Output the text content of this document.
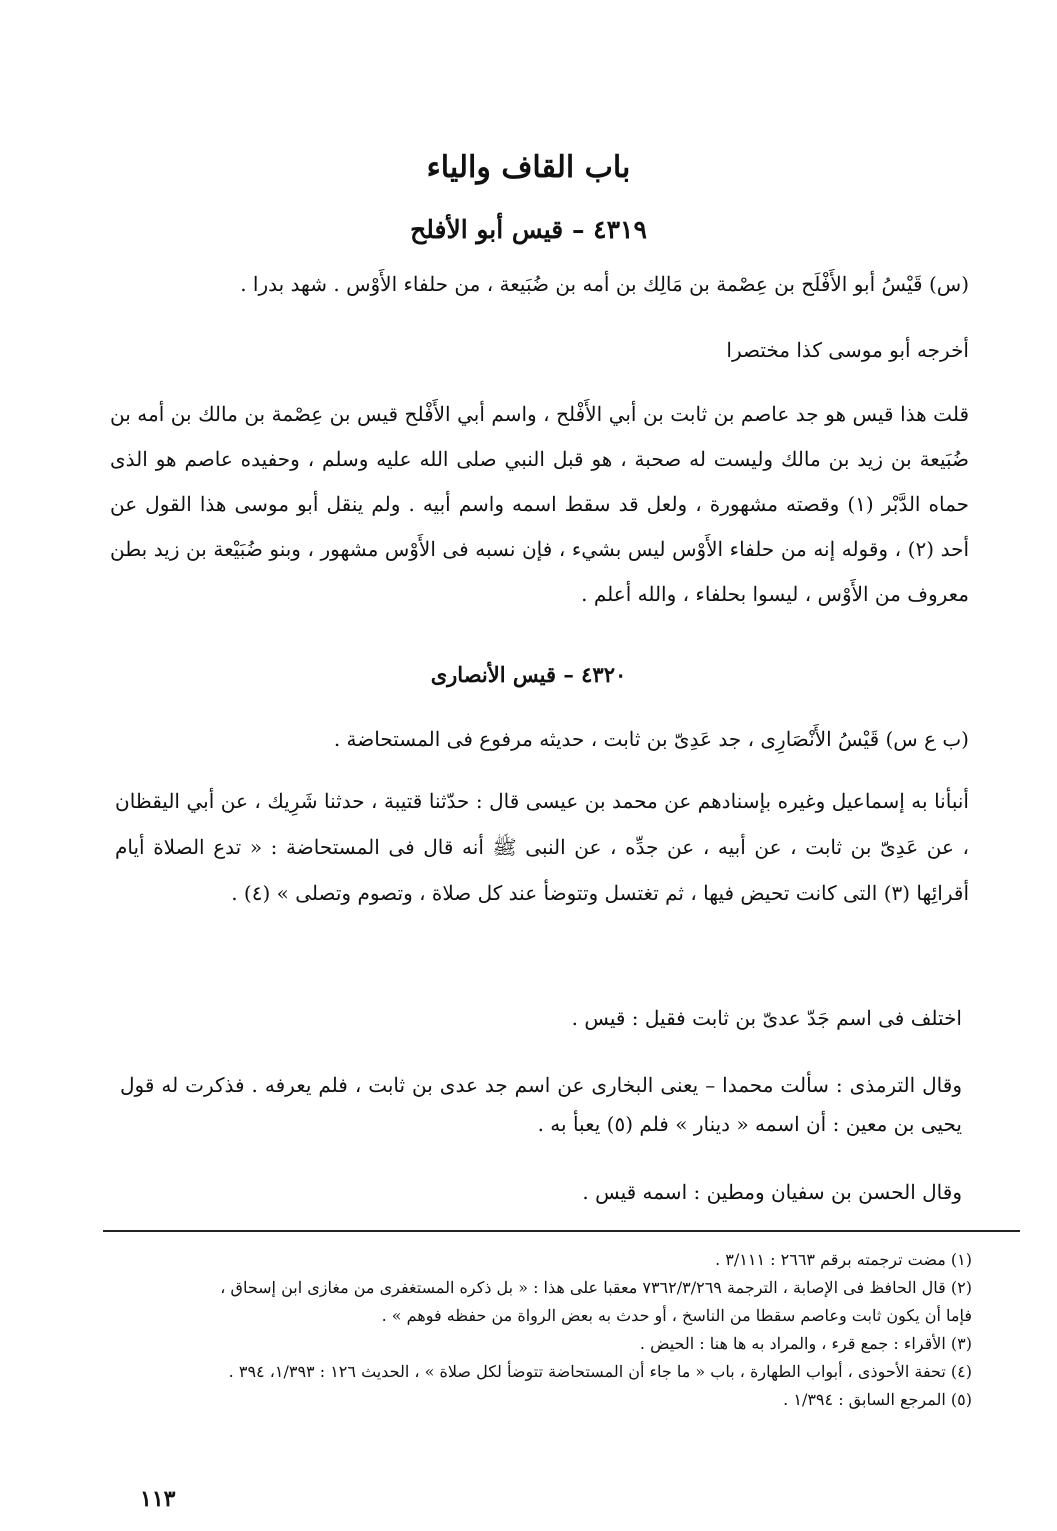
باب القاف والياء
٤٣١٩ – قيس أبو الأفلح
(س) قَيْسُ أبو الأَفْلَح بن عِصْمة بن مَالِك بن أمه بن ضُبَيعة ، من حلفاء الأَوْس . شهد بدرا .
أخرجه أبو موسى كذا مختصرا
قلت هذا قيس هو جد عاصم بن ثابت بن أبي الأَفْلح ، واسم أبي الأَفْلح قيس بن عِصْمة بن مالك بن أمه بن ضُبَيعة بن زيد بن مالك وليست له صحبة ، هو قبل النبي صلى الله عليه وسلم ، وحفيده عاصم هو الذى حماه الدَّبْر (١) وقصته مشهورة ، ولعل قد سقط اسمه واسم أبيه . ولم ينقل أبو موسى هذا القول عن أحد (٢) ، وقوله إنه من حلفاء الأَوْس ليس بشيء ، فإن نسبه فى الأَوْس مشهور ، وبنو ضُبَيْعة بن زيد بطن معروف من الأَوْس ، ليسوا بحلفاء ، والله أعلم .
٤٣٢٠ – قيس الأنصارى
(ب ع س) قَيْسُ الأَنْصَارِى ، جد عَدِىّ بن ثابت ، حديثه مرفوع فى المستحاضة .
أنبأنا به إسماعيل وغيره بإسنادهم عن محمد بن عيسى قال : حدّثنا قتيبة ، حدثنا شَرِيك ، عن أبي اليقظان ، عن عَدِىّ بن ثابت ، عن أبيه ، عن جدِّه ، عن النبى ﷺ أنه قال فى المستحاضة : « تدع الصلاة أيام أقرائِها (٣) التى كانت تحيض فيها ، ثم تغتسل وتتوضأ عند كل صلاة ، وتصوم وتصلى » (٤) .
اختلف فى اسم جَدّ عدىّ بن ثابت فقيل : قيس .
وقال الترمذى : سألت محمدا – يعنى البخارى عن اسم جد عدى بن ثابت ، فلم يعرفه . فذكرت له قول يحيى بن معين : أن اسمه « دينار » فلم (٥) يعبأ به .
وقال الحسن بن سفيان ومطين : اسمه قيس .
(١) مضت ترجمته برقم ٢٦٦٣ : ٣/١١١ .
(٢) قال الحافظ فى الإصابة ، الترجمة ٧٣٦٢/٣/٢٦٩ معقبا على هذا : « بل ذكره المستغفرى من مغازى ابن إسحاق ،
فإما أن يكون ثابت وعاصم سقطا من الناسخ ، أو حدث به بعض الرواة من حفظه فوهم » .
(٣) الأقراء : جمع قرء ، والمراد به ها هنا : الحيض .
(٤) تحفة الأحوذى ، أبواب الطهارة ، باب « ما جاء أن المستحاضة تتوضأ لكل صلاة » ، الحديث ١٢٦ : ١/٣٩٣، ٣٩٤ .
(٥) المرجع السابق : ١/٣٩٤ .
١١٣
